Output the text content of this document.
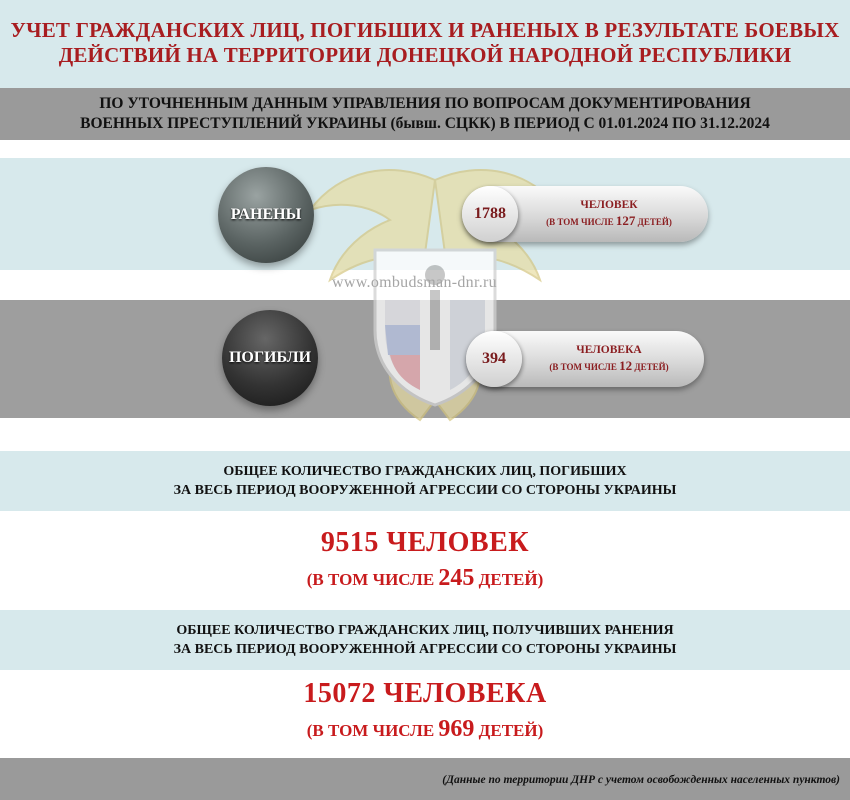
УЧЕТ ГРАЖДАНСКИХ ЛИЦ, ПОГИБШИХ И РАНЕНЫХ В РЕЗУЛЬТАТЕ БОЕВЫХ
ДЕЙСТВИЙ НА ТЕРРИТОРИИ ДОНЕЦКОЙ НАРОДНОЙ РЕСПУБЛИКИ
ПО УТОЧНЕННЫМ ДАННЫМ УПРАВЛЕНИЯ ПО ВОПРОСАМ ДОКУМЕНТИРОВАНИЯ
ВОЕННЫХ ПРЕСТУПЛЕНИЙ УКРАИНЫ (бывш. СЦКК) В ПЕРИОД С 01.01.2024 ПО 31.12.2024
www.ombudsman-dnr.ru
РАНЕНЫ	1788	ЧЕЛОВЕК
(В ТОМ ЧИСЛЕ 127 ДЕТЕЙ)
ПОГИБЛИ	394	ЧЕЛОВЕКА
(В ТОМ ЧИСЛЕ 12 ДЕТЕЙ)
ОБЩЕЕ КОЛИЧЕСТВО ГРАЖДАНСКИХ ЛИЦ, ПОГИБШИХ
ЗА ВЕСЬ ПЕРИОД ВООРУЖЕННОЙ АГРЕССИИ СО СТОРОНЫ УКРАИНЫ
9515 ЧЕЛОВЕК
(В ТОМ ЧИСЛЕ 245 ДЕТЕЙ)
ОБЩЕЕ КОЛИЧЕСТВО ГРАЖДАНСКИХ ЛИЦ, ПОЛУЧИВШИХ РАНЕНИЯ
ЗА ВЕСЬ ПЕРИОД ВООРУЖЕННОЙ АГРЕССИИ СО СТОРОНЫ УКРАИНЫ
15072 ЧЕЛОВЕКА
(В ТОМ ЧИСЛЕ 969 ДЕТЕЙ)
(Данные по территории ДНР с учетом освобожденных населенных пунктов)
